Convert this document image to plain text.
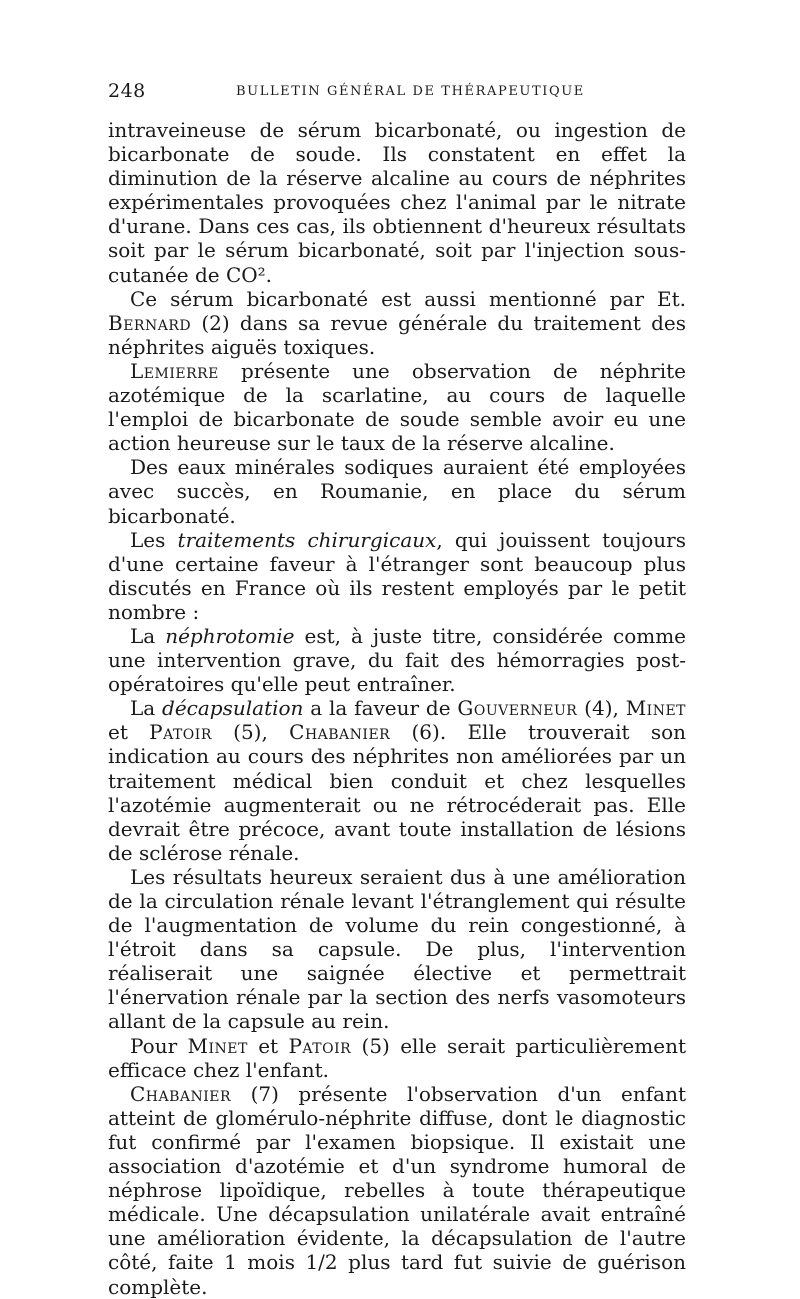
248	BULLETIN GÉNÉRAL DE THÉRAPEUTIQUE

intraveineuse de sérum bicarbonaté, ou ingestion de bicarbonate de soude. Ils constatent en effet la diminution de la réserve alcaline au cours de néphrites expérimentales provoquées chez l'animal par le nitrate d'urane. Dans ces cas, ils obtiennent d'heureux résultats soit par le sérum bicarbonaté, soit par l'injection sous-cutanée de CO².

Ce sérum bicarbonaté est aussi mentionné par Et. Bernard (2) dans sa revue générale du traitement des néphrites aiguës toxiques.

Lemierre présente une observation de néphrite azotémique de la scarlatine, au cours de laquelle l'emploi de bicarbonate de soude semble avoir eu une action heureuse sur le taux de la réserve alcaline.

Des eaux minérales sodiques auraient été employées avec succès, en Roumanie, en place du sérum bicarbonaté.

Les traitements chirurgicaux, qui jouissent toujours d'une certaine faveur à l'étranger sont beaucoup plus discutés en France où ils restent employés par le petit nombre :

La néphrotomie est, à juste titre, considérée comme une intervention grave, du fait des hémorragies post-opératoires qu'elle peut entraîner.

La décapsulation a la faveur de Gouverneur (4), Minet et Patoir (5), Chabanier (6). Elle trouverait son indication au cours des néphrites non améliorées par un traitement médical bien conduit et chez lesquelles l'azotémie augmenterait ou ne rétrocéderait pas. Elle devrait être précoce, avant toute installation de lésions de sclérose rénale.

Les résultats heureux seraient dus à une amélioration de la circulation rénale levant l'étranglement qui résulte de l'augmentation de volume du rein congestionné, à l'étroit dans sa capsule. De plus, l'intervention réaliserait une saignée élective et permettrait l'énervation rénale par la section des nerfs vasomoteurs allant de la capsule au rein.

Pour Minet et Patoir (5) elle serait particulièrement efficace chez l'enfant.

Chabanier (7) présente l'observation d'un enfant atteint de glomérulo-néphrite diffuse, dont le diagnostic fut confirmé par l'examen biopsique. Il existait une association d'azotémie et d'un syndrome humoral de néphrose lipoïdique, rebelles à toute thérapeutique médicale. Une décapsulation unilatérale avait entraîné une amélioration évidente, la décapsulation de l'autre côté, faite 1 mois 1/2 plus tard fut suivie de guérison complète.
